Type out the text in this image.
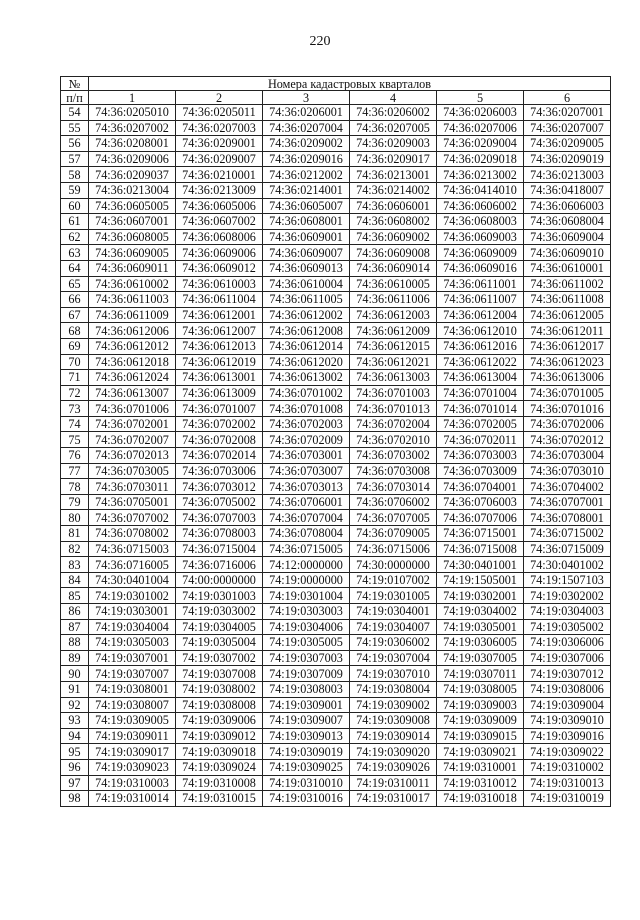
220
№	Номера кадастровых кварталов					
п/п	1	2	3	4	5	6
54	74:36:0205010	74:36:0205011	74:36:0206001	74:36:0206002	74:36:0206003	74:36:0207001
55	74:36:0207002	74:36:0207003	74:36:0207004	74:36:0207005	74:36:0207006	74:36:0207007
56	74:36:0208001	74:36:0209001	74:36:0209002	74:36:0209003	74:36:0209004	74:36:0209005
57	74:36:0209006	74:36:0209007	74:36:0209016	74:36:0209017	74:36:0209018	74:36:0209019
58	74:36:0209037	74:36:0210001	74:36:0212002	74:36:0213001	74:36:0213002	74:36:0213003
59	74:36:0213004	74:36:0213009	74:36:0214001	74:36:0214002	74:36:0414010	74:36:0418007
60	74:36:0605005	74:36:0605006	74:36:0605007	74:36:0606001	74:36:0606002	74:36:0606003
61	74:36:0607001	74:36:0607002	74:36:0608001	74:36:0608002	74:36:0608003	74:36:0608004
62	74:36:0608005	74:36:0608006	74:36:0609001	74:36:0609002	74:36:0609003	74:36:0609004
63	74:36:0609005	74:36:0609006	74:36:0609007	74:36:0609008	74:36:0609009	74:36:0609010
64	74:36:0609011	74:36:0609012	74:36:0609013	74:36:0609014	74:36:0609016	74:36:0610001
65	74:36:0610002	74:36:0610003	74:36:0610004	74:36:0610005	74:36:0611001	74:36:0611002
66	74:36:0611003	74:36:0611004	74:36:0611005	74:36:0611006	74:36:0611007	74:36:0611008
67	74:36:0611009	74:36:0612001	74:36:0612002	74:36:0612003	74:36:0612004	74:36:0612005
68	74:36:0612006	74:36:0612007	74:36:0612008	74:36:0612009	74:36:0612010	74:36:0612011
69	74:36:0612012	74:36:0612013	74:36:0612014	74:36:0612015	74:36:0612016	74:36:0612017
70	74:36:0612018	74:36:0612019	74:36:0612020	74:36:0612021	74:36:0612022	74:36:0612023
71	74:36:0612024	74:36:0613001	74:36:0613002	74:36:0613003	74:36:0613004	74:36:0613006
72	74:36:0613007	74:36:0613009	74:36:0701002	74:36:0701003	74:36:0701004	74:36:0701005
73	74:36:0701006	74:36:0701007	74:36:0701008	74:36:0701013	74:36:0701014	74:36:0701016
74	74:36:0702001	74:36:0702002	74:36:0702003	74:36:0702004	74:36:0702005	74:36:0702006
75	74:36:0702007	74:36:0702008	74:36:0702009	74:36:0702010	74:36:0702011	74:36:0702012
76	74:36:0702013	74:36:0702014	74:36:0703001	74:36:0703002	74:36:0703003	74:36:0703004
77	74:36:0703005	74:36:0703006	74:36:0703007	74:36:0703008	74:36:0703009	74:36:0703010
78	74:36:0703011	74:36:0703012	74:36:0703013	74:36:0703014	74:36:0704001	74:36:0704002
79	74:36:0705001	74:36:0705002	74:36:0706001	74:36:0706002	74:36:0706003	74:36:0707001
80	74:36:0707002	74:36:0707003	74:36:0707004	74:36:0707005	74:36:0707006	74:36:0708001
81	74:36:0708002	74:36:0708003	74:36:0708004	74:36:0709005	74:36:0715001	74:36:0715002
82	74:36:0715003	74:36:0715004	74:36:0715005	74:36:0715006	74:36:0715008	74:36:0715009
83	74:36:0716005	74:36:0716006	74:12:0000000	74:30:0000000	74:30:0401001	74:30:0401002
84	74:30:0401004	74:00:0000000	74:19:0000000	74:19:0107002	74:19:1505001	74:19:1507103
85	74:19:0301002	74:19:0301003	74:19:0301004	74:19:0301005	74:19:0302001	74:19:0302002
86	74:19:0303001	74:19:0303002	74:19:0303003	74:19:0304001	74:19:0304002	74:19:0304003
87	74:19:0304004	74:19:0304005	74:19:0304006	74:19:0304007	74:19:0305001	74:19:0305002
88	74:19:0305003	74:19:0305004	74:19:0305005	74:19:0306002	74:19:0306005	74:19:0306006
89	74:19:0307001	74:19:0307002	74:19:0307003	74:19:0307004	74:19:0307005	74:19:0307006
90	74:19:0307007	74:19:0307008	74:19:0307009	74:19:0307010	74:19:0307011	74:19:0307012
91	74:19:0308001	74:19:0308002	74:19:0308003	74:19:0308004	74:19:0308005	74:19:0308006
92	74:19:0308007	74:19:0308008	74:19:0309001	74:19:0309002	74:19:0309003	74:19:0309004
93	74:19:0309005	74:19:0309006	74:19:0309007	74:19:0309008	74:19:0309009	74:19:0309010
94	74:19:0309011	74:19:0309012	74:19:0309013	74:19:0309014	74:19:0309015	74:19:0309016
95	74:19:0309017	74:19:0309018	74:19:0309019	74:19:0309020	74:19:0309021	74:19:0309022
96	74:19:0309023	74:19:0309024	74:19:0309025	74:19:0309026	74:19:0310001	74:19:0310002
97	74:19:0310003	74:19:0310008	74:19:0310010	74:19:0310011	74:19:0310012	74:19:0310013
98	74:19:0310014	74:19:0310015	74:19:0310016	74:19:0310017	74:19:0310018	74:19:0310019
